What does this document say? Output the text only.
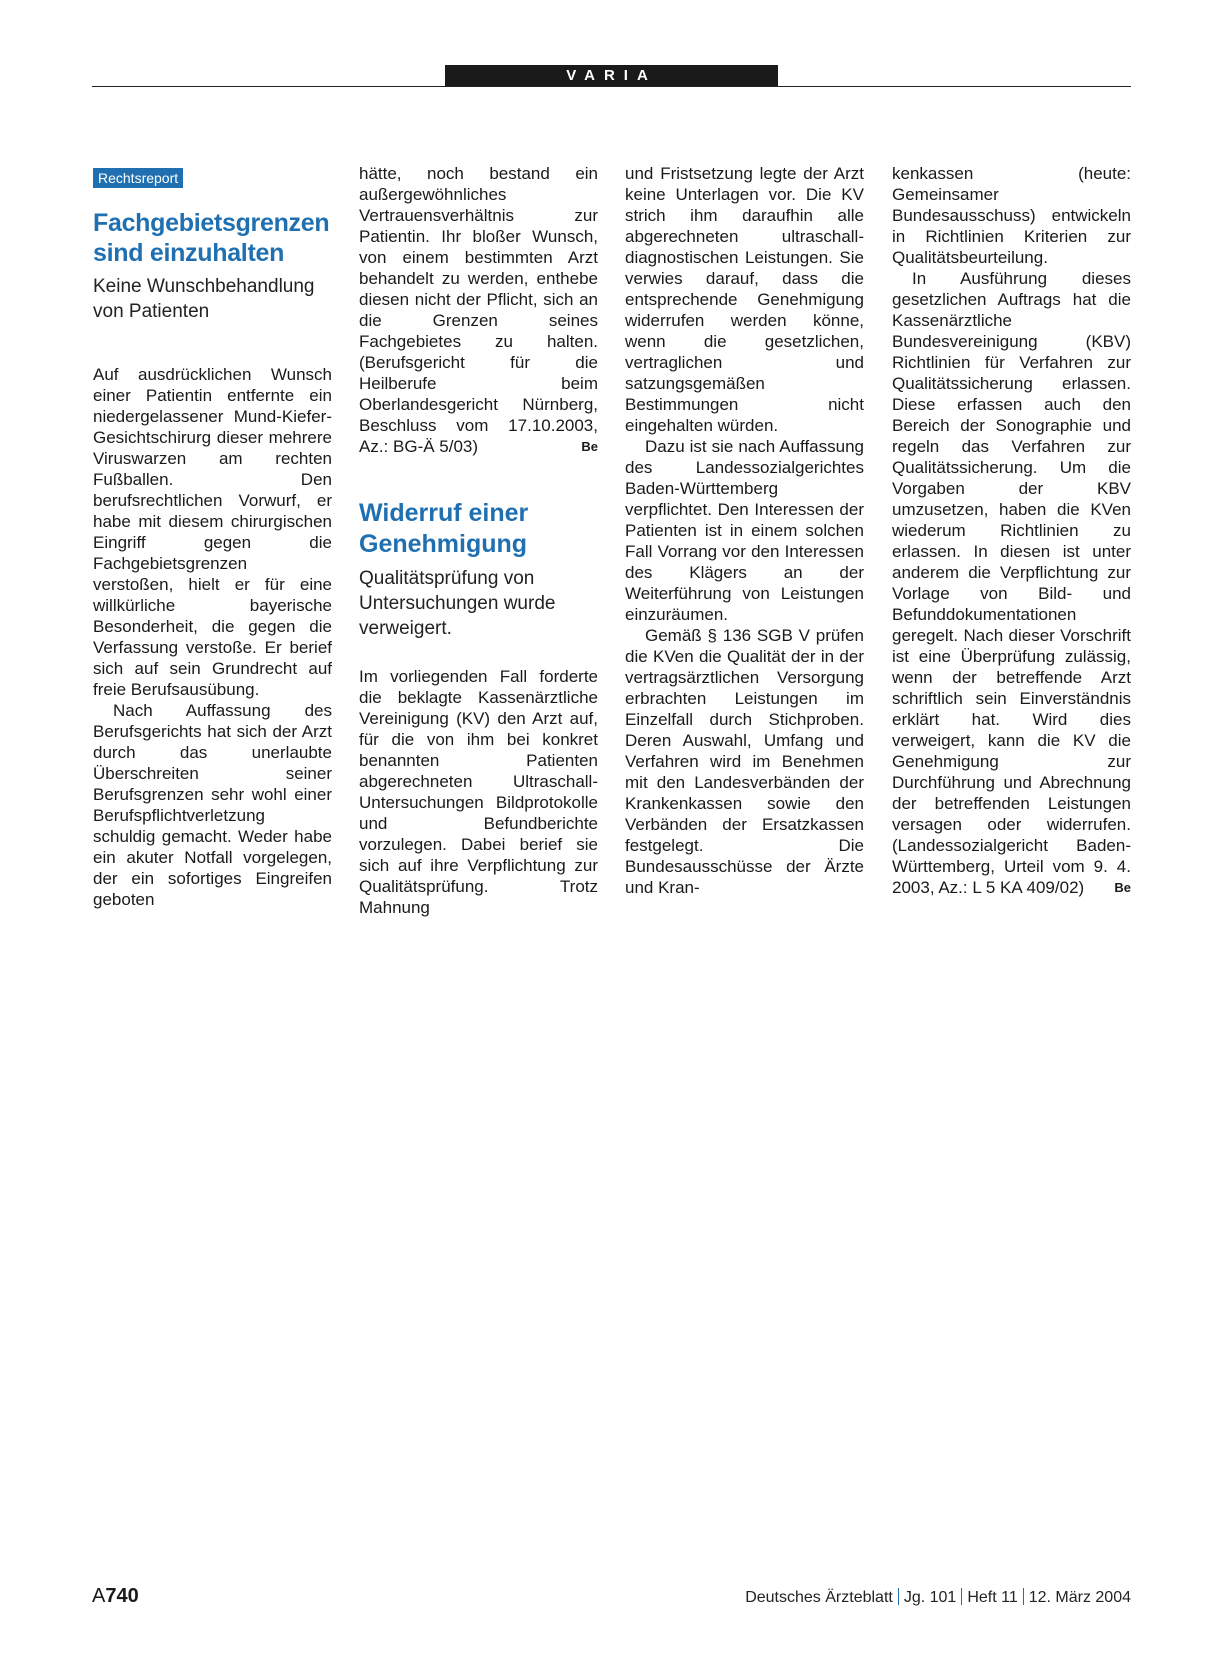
VARIA
Rechtsreport
Fachgebietsgrenzen sind einzuhalten
Keine Wunschbehandlung von Patienten

Auf ausdrücklichen Wunsch einer Patientin entfernte ein niedergelassener Mund-Kiefer-Gesichtschirurg dieser mehrere Viruswarzen am rechten Fußballen. Den berufsrechtlichen Vorwurf, er habe mit diesem chirurgischen Eingriff gegen die Fachgebietsgrenzen verstoßen, hielt er für eine willkürliche bayerische Besonderheit, die gegen die Verfassung verstoße. Er berief sich auf sein Grundrecht auf freie Berufsausübung.

Nach Auffassung des Berufsgerichts hat sich der Arzt durch das unerlaubte Überschreiten seiner Berufsgrenzen sehr wohl einer Berufspflichtverletzung schuldig gemacht. Weder habe ein akuter Notfall vorgelegen, der ein sofortiges Eingreifen geboten

hätte, noch bestand ein außergewöhnliches Vertrauensverhältnis zur Patientin. Ihr bloßer Wunsch, von einem bestimmten Arzt behandelt zu werden, enthebe diesen nicht der Pflicht, sich an die Grenzen seines Fachgebietes zu halten. (Berufsgericht für die Heilberufe beim Oberlandesgericht Nürnberg, Beschluss vom 17.10.2003, Az.: BG-Ä 5/03)	Be

Widerruf einer Genehmigung
Qualitätsprüfung von Untersuchungen wurde verweigert.

Im vorliegenden Fall forderte die beklagte Kassenärztliche Vereinigung (KV) den Arzt auf, für die von ihm bei konkret benannten Patienten abgerechneten Ultraschall-Untersuchungen Bildprotokolle und Befundberichte vorzulegen. Dabei berief sie sich auf ihre Verpflichtung zur Qualitätsprüfung. Trotz Mahnung

und Fristsetzung legte der Arzt keine Unterlagen vor. Die KV strich ihm daraufhin alle abgerechneten ultraschall-diagnostischen Leistungen. Sie verwies darauf, dass die entsprechende Genehmigung widerrufen werden könne, wenn die gesetzlichen, vertraglichen und satzungsgemäßen Bestimmungen nicht eingehalten würden.

Dazu ist sie nach Auffassung des Landessozialgerichtes Baden-Württemberg verpflichtet. Den Interessen der Patienten ist in einem solchen Fall Vorrang vor den Interessen des Klägers an der Weiterführung von Leistungen einzuräumen.

Gemäß § 136 SGB V prüfen die KVen die Qualität der in der vertragsärztlichen Versorgung erbrachten Leistungen im Einzelfall durch Stichproben. Deren Auswahl, Umfang und Verfahren wird im Benehmen mit den Landesverbänden der Krankenkassen sowie den Verbänden der Ersatzkassen festgelegt. Die Bundesausschüsse der Ärzte und Kran-

kenkassen (heute: Gemeinsamer Bundesausschuss) entwickeln in Richtlinien Kriterien zur Qualitätsbeurteilung.

In Ausführung dieses gesetzlichen Auftrags hat die Kassenärztliche Bundesvereinigung (KBV) Richtlinien für Verfahren zur Qualitätssicherung erlassen. Diese erfassen auch den Bereich der Sonographie und regeln das Verfahren zur Qualitätssicherung. Um die Vorgaben der KBV umzusetzen, haben die KVen wiederum Richtlinien zu erlassen. In diesen ist unter anderem die Verpflichtung zur Vorlage von Bild- und Befunddokumentationen geregelt. Nach dieser Vorschrift ist eine Überprüfung zulässig, wenn der betreffende Arzt schriftlich sein Einverständnis erklärt hat. Wird dies verweigert, kann die KV die Genehmigung zur Durchführung und Abrechnung der betreffenden Leistungen versagen oder widerrufen. (Landessozialgericht Baden-Württemberg, Urteil vom 9. 4. 2003, Az.: L 5 KA 409/02)	Be

A740	Deutsches Ärzteblatt Jg. 101 Heft 11 12. März 2004
